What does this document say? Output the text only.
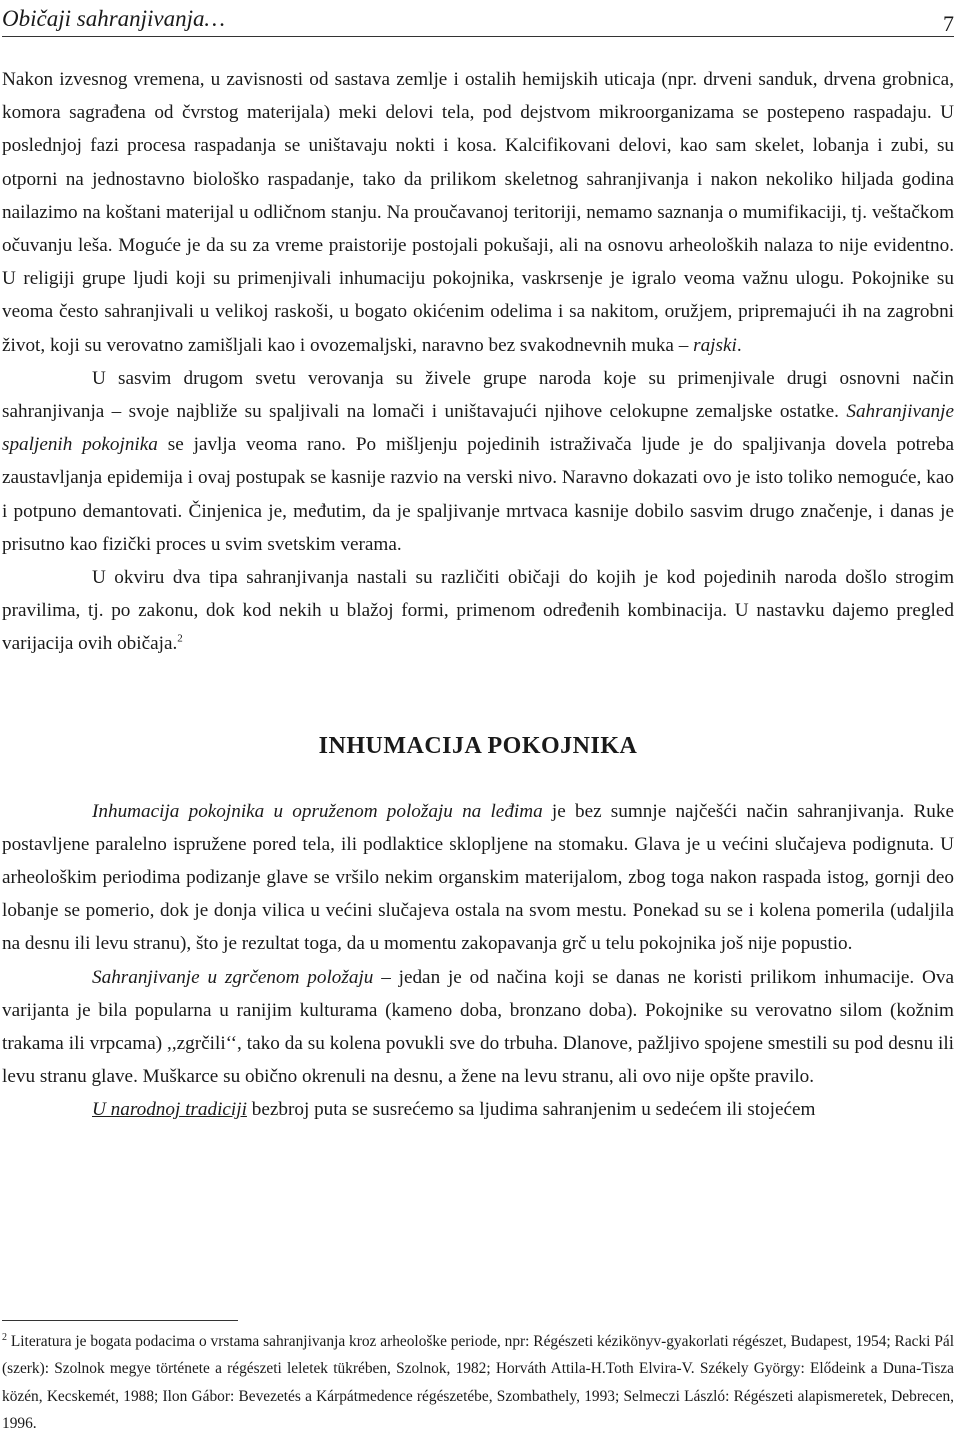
Običaji sahranjivanja…	7

Nakon izvesnog vremena, u zavisnosti od sastava zemlje i ostalih hemijskih uticaja (npr. drveni sanduk, drvena grobnica, komora sagrađena od čvrstog materijala) meki delovi tela, pod dejstvom mikroorganizama se postepeno raspadaju. U poslednjoj fazi procesa raspadanja se uništavaju nokti i kosa. Kalcifikovani delovi, kao sam skelet, lobanja i zubi, su otporni na jednostavno biološko raspadanje, tako da prilikom skeletnog sahranjivanja i nakon nekoliko hiljada godina nailazimo na koštani materijal u odličnom stanju. Na proučavanoj teritoriji, nemamo saznanja o mumifikaciji, tj. veštačkom očuvanju leša. Moguće je da su za vreme praistorije postojali pokušaji, ali na osnovu arheoloških nalaza to nije evidentno. U religiji grupe ljudi koji su primenjivali inhumaciju pokojnika, vaskrsenje je igralo veoma važnu ulogu. Pokojnike su veoma često sahranjivali u velikoj raskoši, u bogato okićenim odelima i sa nakitom, oružjem, pripremajući ih na zagrobni život, koji su verovatno zamišljali kao i ovozemaljski, naravno bez svakodnevnih muka – rajski.

U sasvim drugom svetu verovanja su živele grupe naroda koje su primenjivale drugi osnovni način sahranjivanja – svoje najbliže su spaljivali na lomači i uništavajući njihove celokupne zemaljske ostatke. Sahranjivanje spaljenih pokojnika se javlja veoma rano. Po mišljenju pojedinih istraživača ljude je do spaljivanja dovela potreba zaustavljanja epidemija i ovaj postupak se kasnije razvio na verski nivo. Naravno dokazati ovo je isto toliko nemoguće, kao i potpuno demantovati. Činjenica je, međutim, da je spaljivanje mrtvaca kasnije dobilo sasvim drugo značenje, i danas je prisutno kao fizički proces u svim svetskim verama.

U okviru dva tipa sahranjivanja nastali su različiti običaji do kojih je kod pojedinih naroda došlo strogim pravilima, tj. po zakonu, dok kod nekih u blažoj formi, primenom određenih kombinacija. U nastavku dajemo pregled varijacija ovih običaja.$^2$

INHUMACIJA POKOJNIKA

Inhumacija pokojnika u opruženom položaju na leđima je bez sumnje najčešći način sahranjivanja. Ruke postavljene paralelno ispružene pored tela, ili podlaktice sklopljene na stomaku. Glava je u većini slučajeva podignuta. U arheološkim periodima podizanje glave se vršilo nekim organskim materijalom, zbog toga nakon raspada istog, gornji deo lobanje se pomerio, dok je donja vilica u većini slučajeva ostala na svom mestu. Ponekad su se i kolena pomerila (udaljila na desnu ili levu stranu), što je rezultat toga, da u momentu zakopavanja grč u telu pokojnika još nije popustio.

Sahranjivanje u zgrčenom položaju – jedan je od načina koji se danas ne koristi prilikom inhumacije. Ova varijanta je bila popularna u ranijim kulturama (kameno doba, bronzano doba). Pokojnike su verovatno silom (kožnim trakama ili vrpcama) ,,zgrčili‘‘, tako da su kolena povukli sve do trbuha. Dlanove, pažljivo spojene smestili su pod desnu ili levu stranu glave. Muškarce su obično okrenuli na desnu, a žene na levu stranu, ali ovo nije opšte pravilo.

U narodnoj tradiciji bezbroj puta se susrećemo sa ljudima sahranjenim u sedećem ili stojećem

$^2$ Literatura je bogata podacima o vrstama sahranjivanja kroz arheološke periode, npr: Régészeti kézikönyv-gyakorlati régészet, Budapest, 1954; Racki Pál (szerk): Szolnok megye története a régészeti leletek tükrében, Szolnok, 1982; Horváth Attila-H.Toth Elvira-V. Székely György: Elődeink a Duna-Tisza közén, Kecskemét, 1988; Ilon Gábor: Bevezetés a Kárpátmedence régészetébe, Szombathely, 1993; Selmeczi László: Régészeti alapismeretek, Debrecen, 1996.
